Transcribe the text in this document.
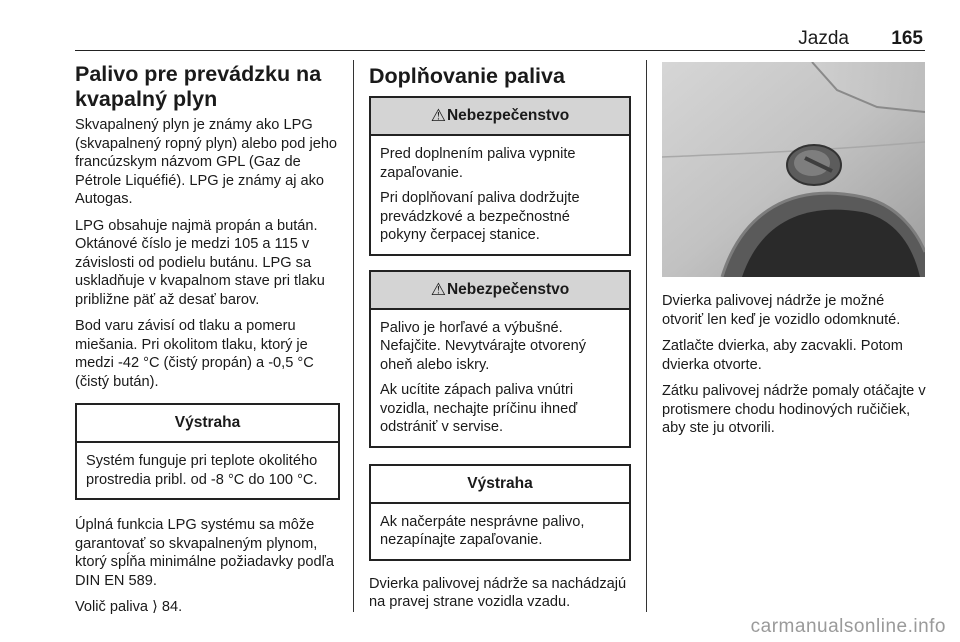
Jazda 165
Palivo pre prevádzku na kvapalný plyn

Skvapalnený plyn je známy ako LPG (skvapalnený ropný plyn) alebo pod jeho francúzskym názvom GPL (Gaz de Pétrole Liquéfié). LPG je známy aj ako Autogas.

LPG obsahuje najmä propán a bután. Oktánové číslo je medzi 105 a 115 v závislosti od podielu butánu. LPG sa uskladňuje v kvapalnom stave pri tlaku približne päť až desať barov.

Bod varu závisí od tlaku a pomeru miešania. Pri okolitom tlaku, ktorý je medzi -42 °C (čistý propán) a -0,5 °C (čistý bután).

Výstraha

Systém funguje pri teplote okolitého prostredia pribl. od -8 °C do 100 °C.

Úplná funkcia LPG systému sa môže garantovať so skvapalneným plynom, ktorý spĺňa minimálne požiadavky podľa DIN EN 589.

Volič paliva ⟩ 84.

Doplňovanie paliva
⚠ Nebezpečenstvo

Pred doplnením paliva vypnite zapaľovanie.

Pri doplňovaní paliva dodržujte prevádzkové a bezpečnostné pokyny čerpacej stanice.

⚠ Nebezpečenstvo

Palivo je horľavé a výbušné. Nefajčite. Nevytvárajte otvorený oheň alebo iskry.

Ak ucítite zápach paliva vnútri vozidla, nechajte príčinu ihneď odstrániť v servise.

Výstraha

Ak načerpáte nesprávne palivo, nezapínajte zapaľovanie.

Dvierka palivovej nádrže sa nachádzajú na pravej strane vozidla vzadu.

Dvierka palivovej nádrže je možné otvoriť len keď je vozidlo odomknuté.

Zatlačte dvierka, aby zacvakli. Potom dvierka otvorte.

Zátku palivovej nádrže pomaly otáčajte v protismere chodu hodinových ručičiek, aby ste ju otvorili.

carmanualsonline.info
